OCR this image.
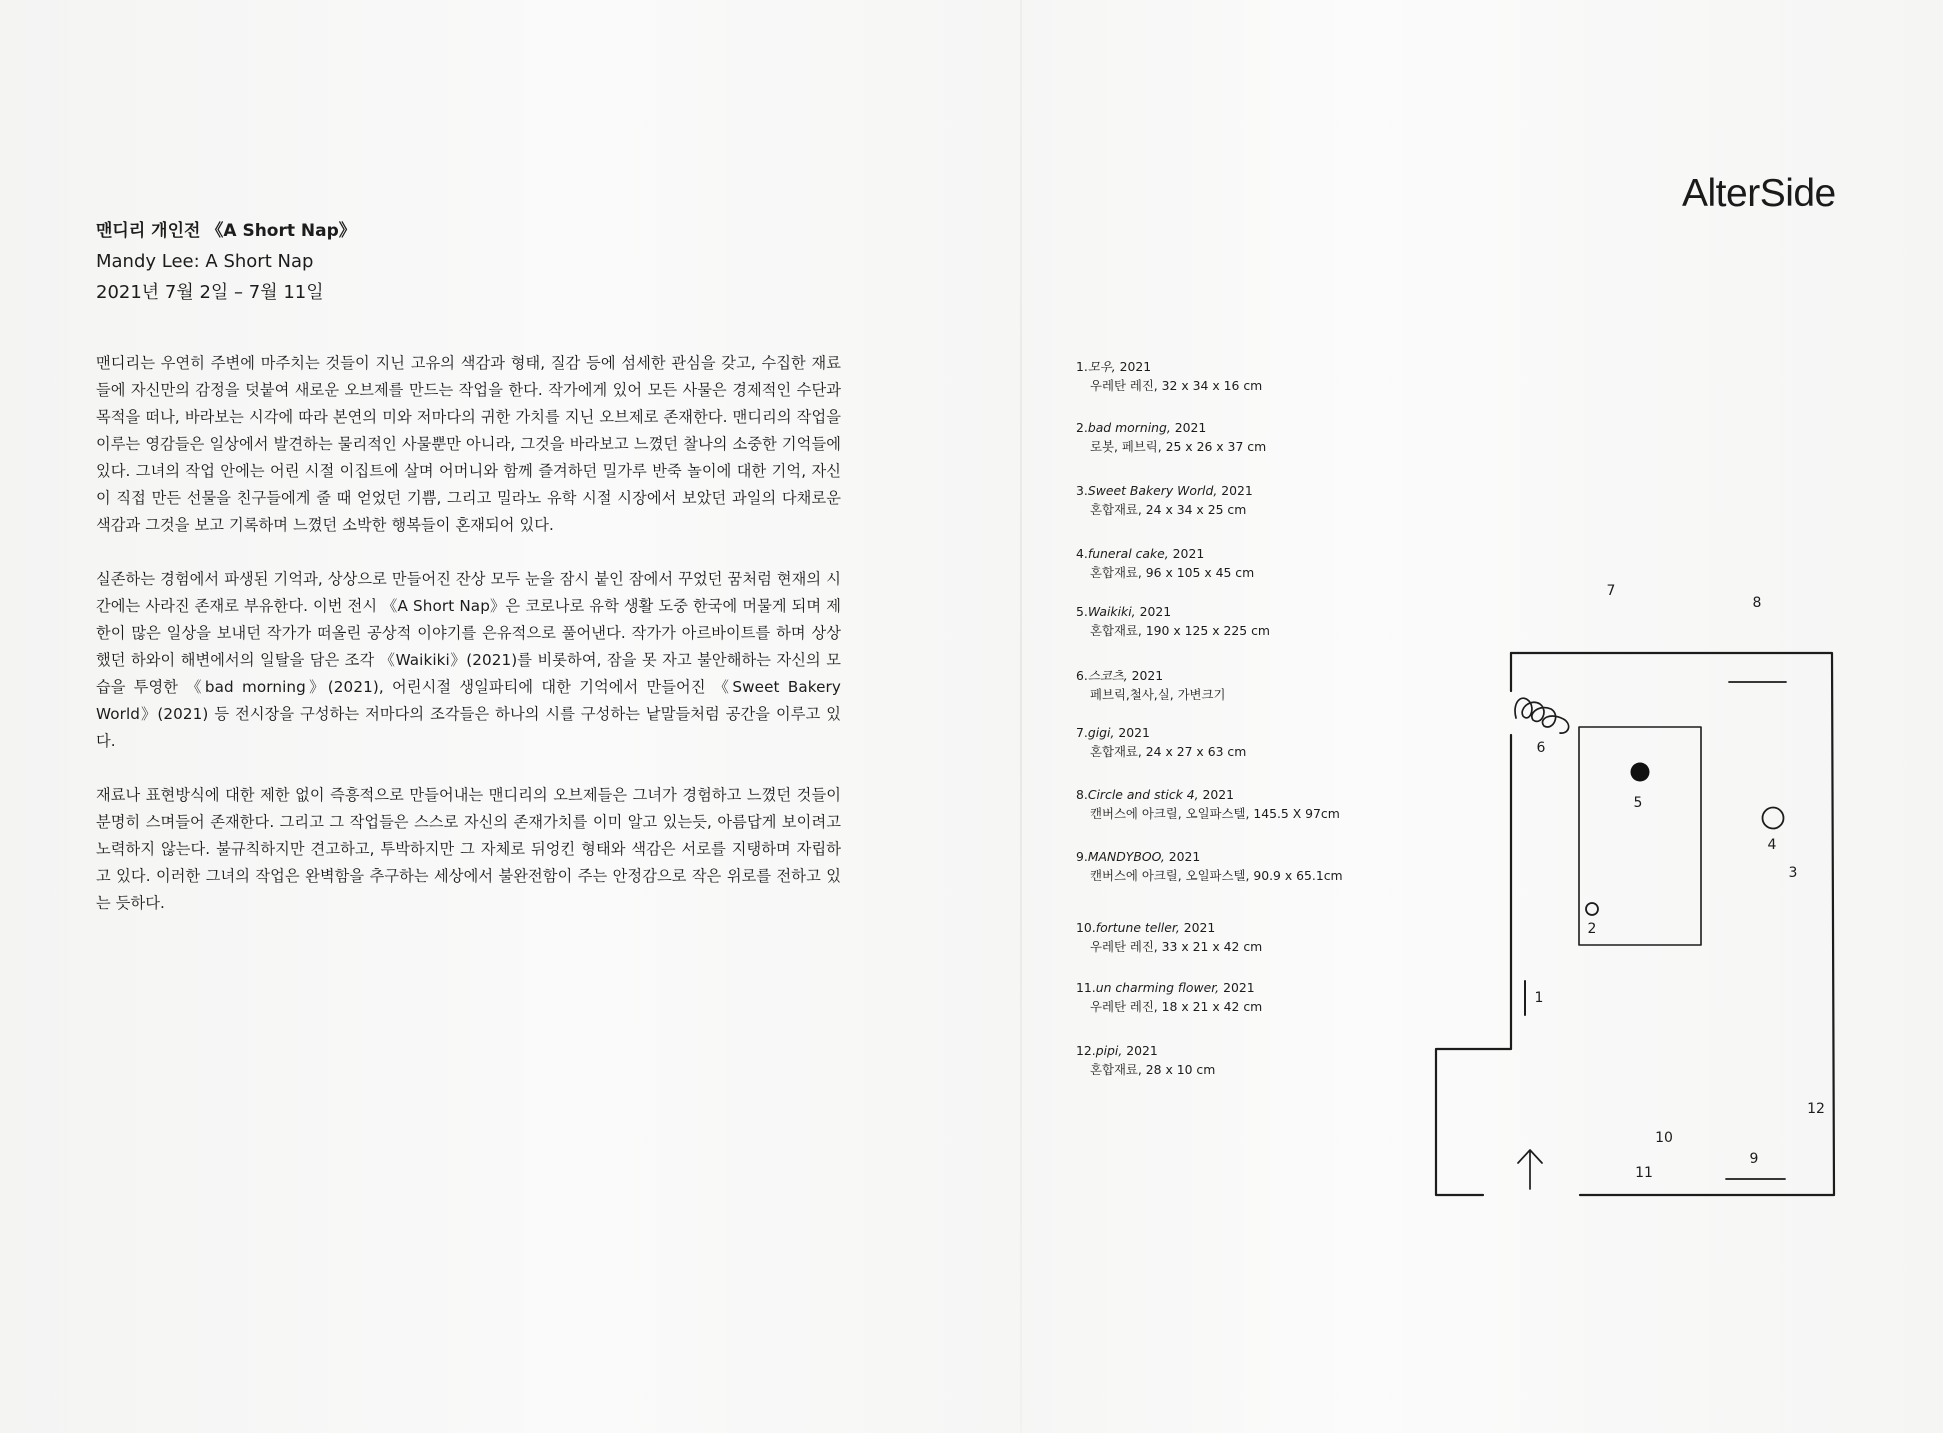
맨디리 개인전 《A Short Nap》
Mandy Lee: A Short Nap
2021년 7월 2일 – 7월 11일

맨디리는 우연히 주변에 마주치는 것들이 지닌 고유의 색감과 형태, 질감 등에 섬세한 관심을 갖고, 수집한 재료들에 자신만의 감정을 덧붙여 새로운 오브제를 만드는 작업을 한다. 작가에게 있어 모든 사물은 경제적인 수단과 목적을 떠나, 바라보는 시각에 따라 본연의 미와 저마다의 귀한 가치를 지닌 오브제로 존재한다. 맨디리의 작업을 이루는 영감들은 일상에서 발견하는 물리적인 사물뿐만 아니라, 그것을 바라보고 느꼈던 찰나의 소중한 기억들에 있다. 그녀의 작업 안에는 어린 시절 이집트에 살며 어머니와 함께 즐겨하던 밀가루 반죽 놀이에 대한 기억, 자신이 직접 만든 선물을 친구들에게 줄 때 얻었던 기쁨, 그리고 밀라노 유학 시절 시장에서 보았던 과일의 다채로운 색감과 그것을 보고 기록하며 느꼈던 소박한 행복들이 혼재되어 있다.

실존하는 경험에서 파생된 기억과, 상상으로 만들어진 잔상 모두 눈을 잠시 붙인 잠에서 꾸었던 꿈처럼 현재의 시간에는 사라진 존재로 부유한다. 이번 전시 《A Short Nap》은 코로나로 유학 생활 도중 한국에 머물게 되며 제한이 많은 일상을 보내던 작가가 떠올린 공상적 이야기를 은유적으로 풀어낸다. 작가가 아르바이트를 하며 상상했던 하와이 해변에서의 일탈을 담은 조각 《Waikiki》(2021)를 비롯하여, 잠을 못 자고 불안해하는 자신의 모습을 투영한 《bad morning》(2021), 어린시절 생일파티에 대한 기억에서 만들어진 《Sweet Bakery World》(2021) 등 전시장을 구성하는 저마다의 조각들은 하나의 시를 구성하는 낱말들처럼 공간을 이루고 있다.

재료나 표현방식에 대한 제한 없이 즉흥적으로 만들어내는 맨디리의 오브제들은 그녀가 경험하고 느꼈던 것들이 분명히 스며들어 존재한다. 그리고 그 작업들은 스스로 자신의 존재가치를 이미 알고 있는듯, 아름답게 보이려고 노력하지 않는다. 불규칙하지만 견고하고, 투박하지만 그 자체로 뒤엉킨 형태와 색감은 서로를 지탱하며 자립하고 있다. 이러한 그녀의 작업은 완벽함을 추구하는 세상에서 불완전함이 주는 안정감으로 작은 위로를 전하고 있는 듯하다.

AlterSide
1.모우, 2021
우레탄 레진, 32 x 34 x 16 cm
2.bad morning, 2021
로봇, 페브릭, 25 x 26 x 37 cm
3.Sweet Bakery World, 2021
혼합재료, 24 x 34 x 25 cm
4.funeral cake, 2021
혼합재료, 96 x 105 x 45 cm
5.Waikiki, 2021
혼합재료, 190 x 125 x 225 cm
6.스코츠, 2021
페브릭,철사,실, 가변크기
7.gigi, 2021
혼합재료, 24 x 27 x 63 cm
8.Circle and stick 4, 2021
캔버스에 아크릴, 오일파스텔, 145.5 X 97cm
9.MANDYBOO, 2021
캔버스에 아크릴, 오일파스텔, 90.9 x 65.1cm
10.fortune teller, 2021
우레탄 레진, 33 x 21 x 42 cm
11.un charming flower, 2021
우레탄 레진, 18 x 21 x 42 cm
12.pipi, 2021
혼합재료, 28 x 10 cm
7
8
6
5
4
3
2
1
12
10
9
11
